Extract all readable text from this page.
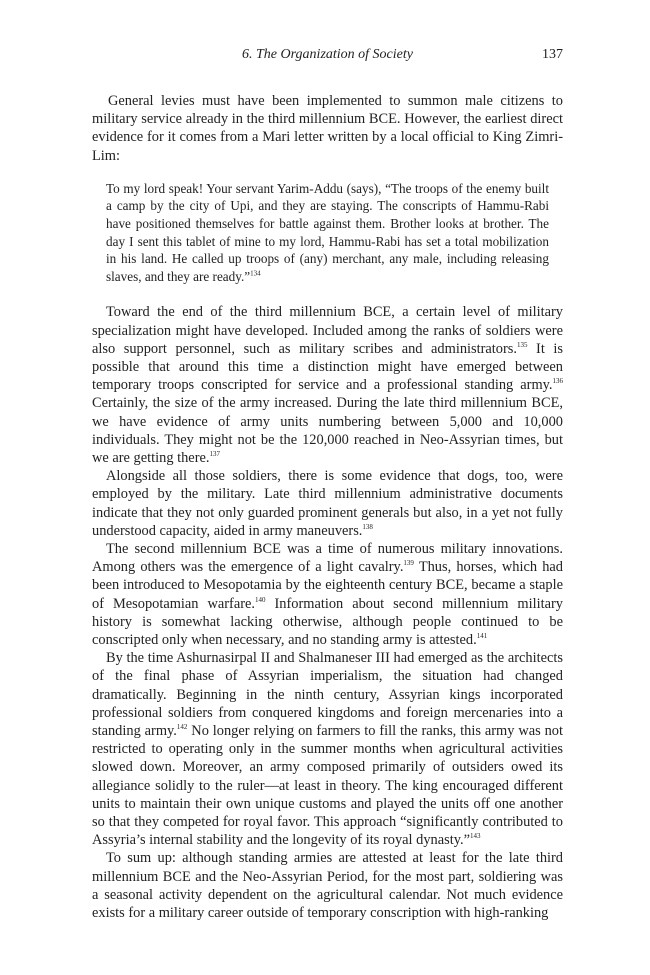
6. The Organization of Society	137

General levies must have been implemented to summon male citizens to military service already in the third millennium BCE. However, the earliest direct evidence for it comes from a Mari letter written by a local official to King Zimri-Lim:

To my lord speak! Your servant Yarim-Addu (says), “The troops of the enemy built a camp by the city of Upi, and they are staying. The conscripts of Hammu-Rabi have positioned themselves for battle against them. Brother looks at brother. The day I sent this tablet of mine to my lord, Hammu-Rabi has set a total mobilization in his land. He called up troops of (any) merchant, any male, including releasing slaves, and they are ready.”$^{134}$

Toward the end of the third millennium BCE, a certain level of military specialization might have developed. Included among the ranks of soldiers were also support personnel, such as military scribes and administrators.$^{135}$ It is possible that around this time a distinction might have emerged between temporary troops conscripted for service and a professional standing army.$^{136}$ Certainly, the size of the army increased. During the late third millennium BCE, we have evidence of army units numbering between 5,000 and 10,000 individuals. They might not be the 120,000 reached in Neo-Assyrian times, but we are getting there.$^{137}$

Alongside all those soldiers, there is some evidence that dogs, too, were employed by the military. Late third millennium administrative documents indicate that they not only guarded prominent generals but also, in a yet not fully understood capacity, aided in army maneuvers.$^{138}$

The second millennium BCE was a time of numerous military innovations. Among others was the emergence of a light cavalry.$^{139}$ Thus, horses, which had been introduced to Mesopotamia by the eighteenth century BCE, became a staple of Mesopotamian warfare.$^{140}$ Information about second millennium military history is somewhat lacking otherwise, although people continued to be conscripted only when necessary, and no standing army is attested.$^{141}$

By the time Ashurnasirpal II and Shalmaneser III had emerged as the architects of the final phase of Assyrian imperialism, the situation had changed dramatically. Beginning in the ninth century, Assyrian kings incorporated professional soldiers from conquered kingdoms and foreign mercenaries into a standing army.$^{142}$ No longer relying on farmers to fill the ranks, this army was not restricted to operating only in the summer months when agricultural activities slowed down. Moreover, an army composed primarily of outsiders owed its allegiance solidly to the ruler—at least in theory. The king encouraged different units to maintain their own unique customs and played the units off one another so that they competed for royal favor. This approach “significantly contributed to Assyria’s internal stability and the longevity of its royal dynasty.”$^{143}$

To sum up: although standing armies are attested at least for the late third millennium BCE and the Neo-Assyrian Period, for the most part, soldiering was a seasonal activity dependent on the agricultural calendar. Not much evidence exists for a military career outside of temporary conscription with high-ranking
